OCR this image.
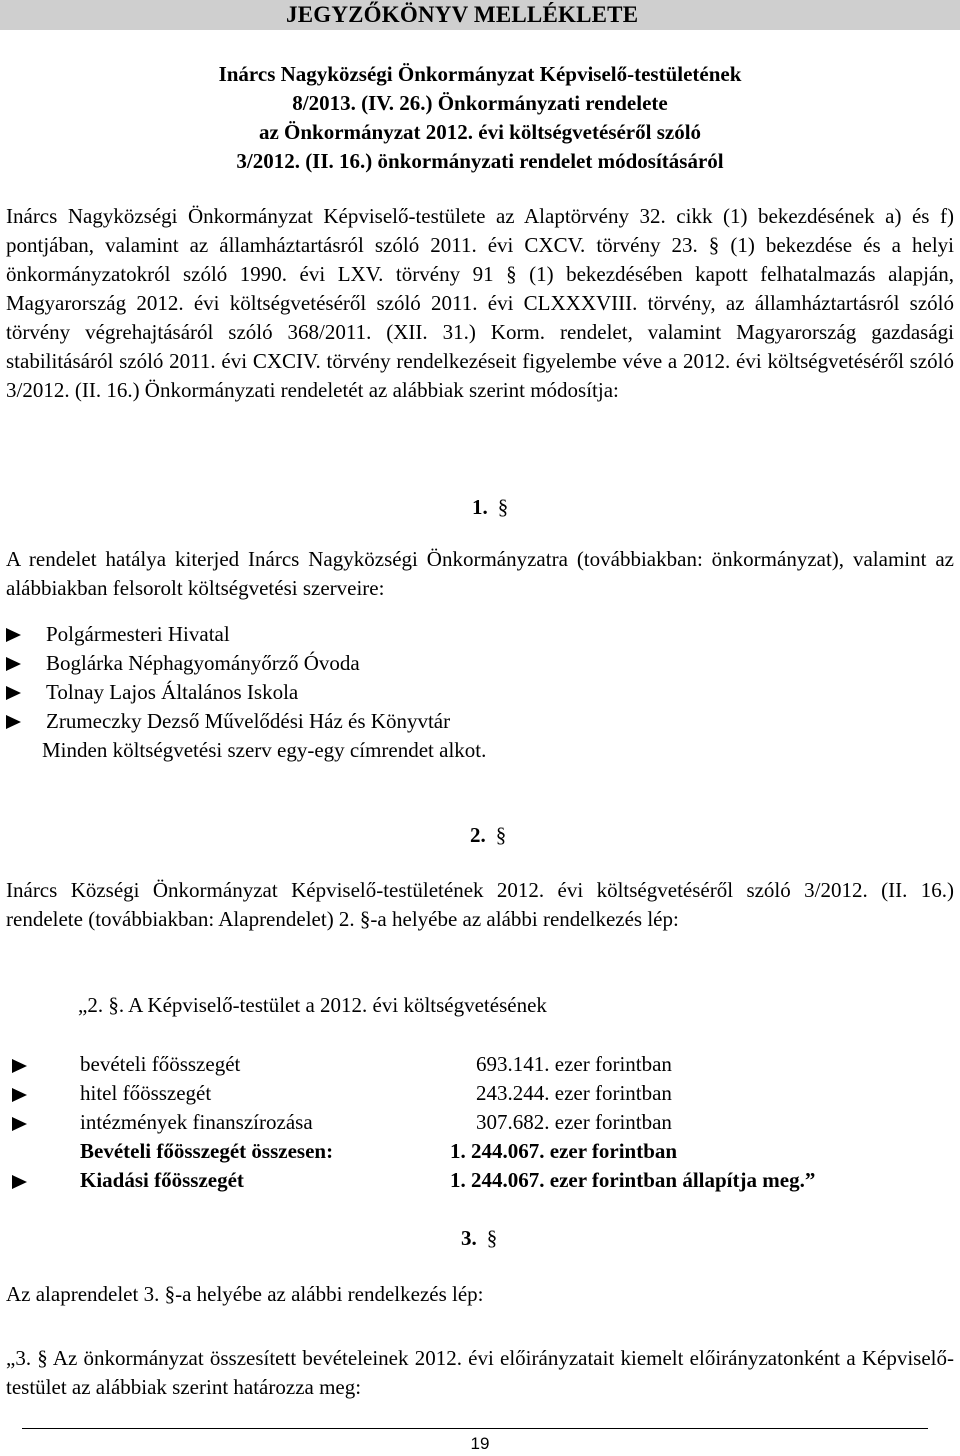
JEGYZŐKÖNYV MELLÉKLETE
Inárcs Nagyközségi Önkormányzat Képviselő-testületének
8/2013. (IV. 26.) Önkormányzati rendelete
az Önkormányzat 2012. évi költségvetéséről szóló
3/2012. (II. 16.) önkormányzati rendelet módosításáról
Inárcs Nagyközségi Önkormányzat Képviselő-testülete az Alaptörvény 32. cikk (1) bekezdésének a) és f) pontjában, valamint az államháztartásról szóló 2011. évi CXCV. törvény 23. § (1) bekezdése és a helyi önkormányzatokról szóló 1990. évi LXV. törvény 91 § (1) bekezdésében kapott felhatalmazás alapján, Magyarország 2012. évi költségvetéséről szóló 2011. évi CLXXXVIII. törvény, az államháztartásról szóló törvény végrehajtásáról szóló 368/2011. (XII. 31.) Korm. rendelet, valamint Magyarország gazdasági stabilitásáról szóló 2011. évi CXCIV. törvény rendelkezéseit figyelembe véve a 2012. évi költségvetéséről szóló 3/2012. (II. 16.) Önkormányzati rendeletét az alábbiak szerint módosítja:
1. §
A rendelet hatálya kiterjed Inárcs Nagyközségi Önkormányzatra (továbbiakban: önkormányzat), valamint az alábbiakban felsorolt költségvetési szerveire:
Polgármesteri Hivatal
Boglárka Néphagyományőrző Óvoda
Tolnay Lajos Általános Iskola
Zrumeczky Dezső Művelődési Ház és Könyvtár
Minden költségvetési szerv egy-egy címrendet alkot.
2. §
Inárcs Községi Önkormányzat Képviselő-testületének 2012. évi költségvetéséről szóló 3/2012. (II. 16.) rendelete (továbbiakban: Alaprendelet) 2. §-a helyébe az alábbi rendelkezés lép:
„2. §. A Képviselő-testület a 2012. évi költségvetésének
bevételi főösszegét	693.141. ezer forintban
hitel főösszegét	243.244. ezer forintban
intézmények finanszírozása	307.682. ezer forintban
Bevételi főösszegét összesen:	1. 244.067. ezer forintban
Kiadási főösszegét	1. 244.067. ezer forintban állapítja meg.”
3. §
Az alaprendelet 3. §-a helyébe az alábbi rendelkezés lép:
„3. § Az önkormányzat összesített bevételeinek 2012. évi előirányzatait kiemelt előirányzatonként a Képviselő-testület az alábbiak szerint határozza meg:
19
